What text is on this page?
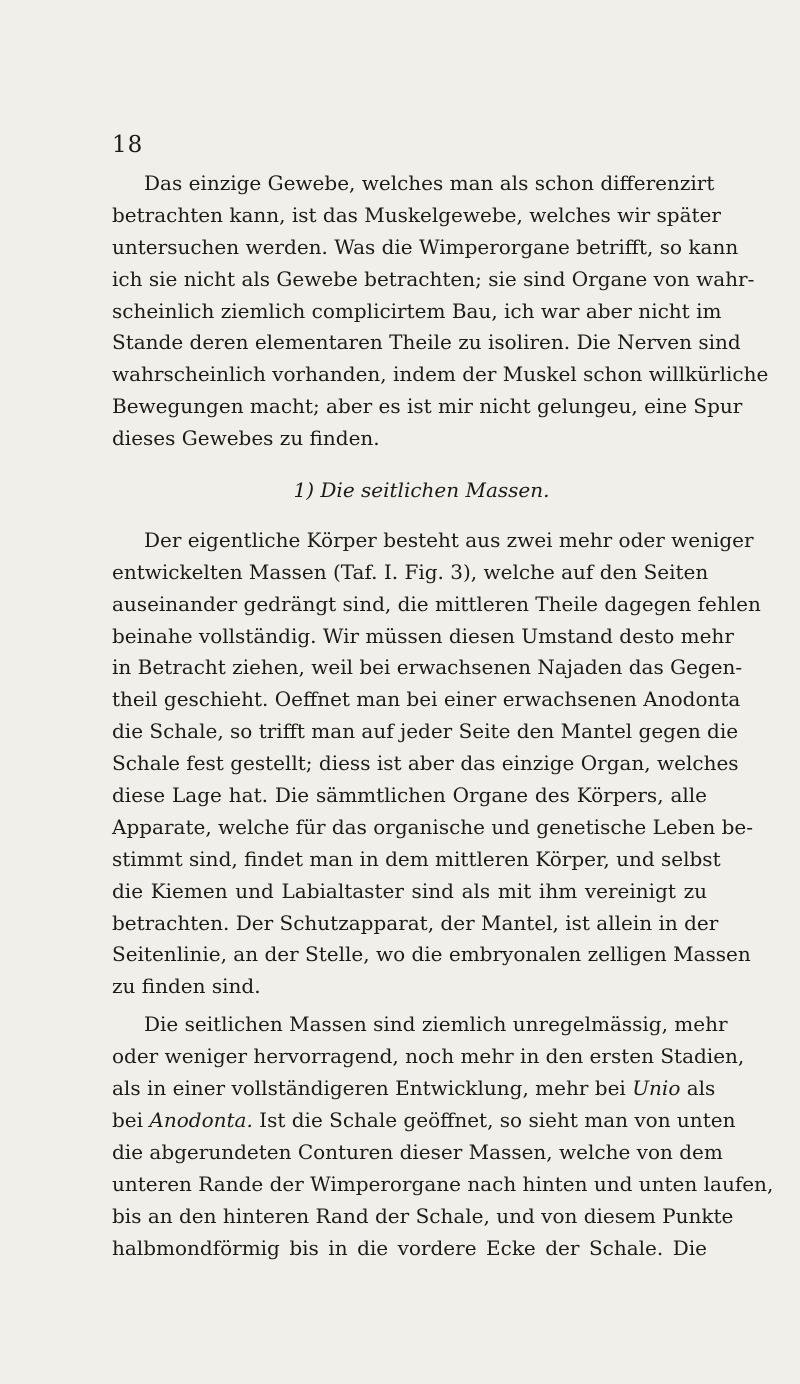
18
Das einzige Gewebe, welches man als schon differenzirt
betrachten kann, ist das Muskelgewebe, welches wir später
untersuchen werden. Was die Wimperorgane betrifft, so kann
ich sie nicht als Gewebe betrachten; sie sind Organe von wahr-
scheinlich ziemlich complicirtem Bau, ich war aber nicht im
Stande deren elementaren Theile zu isoliren. Die Nerven sind
wahrscheinlich vorhanden, indem der Muskel schon willkürliche
Bewegungen macht; aber es ist mir nicht gelungeu, eine Spur
dieses Gewebes zu finden.
1) Die seitlichen Massen.
Der eigentliche Körper besteht aus zwei mehr oder weniger
entwickelten Massen (Taf. I. Fig. 3), welche auf den Seiten
auseinander gedrängt sind, die mittleren Theile dagegen fehlen
beinahe vollständig. Wir müssen diesen Umstand desto mehr
in Betracht ziehen, weil bei erwachsenen Najaden das Gegen-
theil geschieht. Oeffnet man bei einer erwachsenen Anodonta
die Schale, so trifft man auf jeder Seite den Mantel gegen die
Schale fest gestellt; diess ist aber das einzige Organ, welches
diese Lage hat. Die sämmtlichen Organe des Körpers, alle
Apparate, welche für das organische und genetische Leben be-
stimmt sind, findet man in dem mittleren Körper, und selbst
die Kiemen und Labialtaster sind als mit ihm vereinigt zu
betrachten. Der Schutzapparat, der Mantel, ist allein in der
Seitenlinie, an der Stelle, wo die embryonalen zelligen Massen
zu finden sind.
Die seitlichen Massen sind ziemlich unregelmässig, mehr
oder weniger hervorragend, noch mehr in den ersten Stadien,
als in einer vollständigeren Entwicklung, mehr bei Unio als
bei Anodonta. Ist die Schale geöffnet, so sieht man von unten
die abgerundeten Conturen dieser Massen, welche von dem
unteren Rande der Wimperorgane nach hinten und unten laufen,
bis an den hinteren Rand der Schale, und von diesem Punkte
halbmondförmig bis in die vordere Ecke der Schale. Die
